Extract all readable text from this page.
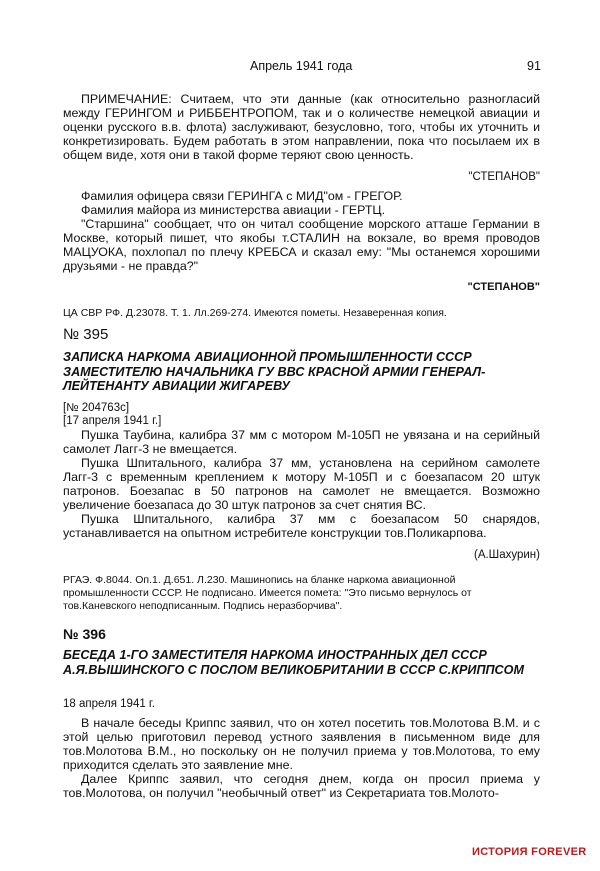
Апрель 1941 года	91

ПРИМЕЧАНИЕ: Считаем, что эти данные (как относительно разногласий между ГЕРИНГОМ и РИББЕНТРОПОМ, так и о количестве немецкой авиации и оценки русского в.в. флота) заслуживают, безусловно, того, чтобы их уточнить и конкретизировать. Будем работать в этом направлении, пока что посылаем их в общем виде, хотя они в такой форме теряют свою ценность.

"СТЕПАНОВ"

Фамилия офицера связи ГЕРИНГА с МИД"ом - ГРЕГОР.

Фамилия майора из министерства авиации - ГЕРТЦ.

"Старшина" сообщает, что он читал сообщение морского атташе Германии в Москве, который пишет, что якобы т.СТАЛИН на вокзале, во время проводов МАЦУОКА, похлопал по плечу КРЕБСА и сказал ему: "Мы останемся хорошими друзьями - не правда?"

"СТЕПАНОВ"
ЦА СВР РФ. Д.23078. Т. 1. Лл.269-274. Имеются пометы. Незаверенная копия.
№ 395
ЗАПИСКА НАРКОМА АВИАЦИОННОЙ ПРОМЫШЛЕННОСТИ СССР ЗАМЕСТИТЕЛЮ НАЧАЛЬНИКА ГУ ВВС КРАСНОЙ АРМИИ ГЕНЕРАЛ-ЛЕЙТЕНАНТУ АВИАЦИИ ЖИГАРЕВУ
[№ 204763с]
[17 апреля 1941 г.]

Пушка Таубина, калибра 37 мм с мотором М-105П не увязана и на серийный самолет Лагг-3 не вмещается.

Пушка Шпитального, калибра 37 мм, установлена на серийном самолете Лагг-3 с временным креплением к мотору М-105П и с боезапасом 20 штук патронов. Боезапас в 50 патронов на самолет не вмещается. Возможно увеличение боезапаса до 30 штук патронов за счет снятия ВС.

Пушка Шпитального, калибра 37 мм с боезапасом 50 снарядов, устанавливается на опытном истребителе конструкции тов.Поликарпова.

(А.Шахурин)
РГАЭ. Ф.8044. Оп.1. Д.651. Л.230. Машинопись на бланке наркома авиационной промышленности СССР. Не подписано. Имеется помета: "Это письмо вернулось от тов.Каневского неподписанным. Подпись неразборчива".
№ 396
БЕСЕДА 1-ГО ЗАМЕСТИТЕЛЯ НАРКОМА ИНОСТРАННЫХ ДЕЛ СССР А.Я.ВЫШИНСКОГО С ПОСЛОМ ВЕЛИКОБРИТАНИИ В СССР С.КРИППСОМ
18 апреля 1941 г.

В начале беседы Криппс заявил, что он хотел посетить тов.Молотова В.М. и с этой целью приготовил перевод устного заявления в письменном виде для тов.Молотова В.М., но поскольку он не получил приема у тов.Молотова, то ему приходится сделать это заявление мне.

Далее Криппс заявил, что сегодня днем, когда он просил приема у тов.Молотова, он получил "необычный ответ" из Секретариата тов.Молото-

ИСТОРИЯ FOREVER
